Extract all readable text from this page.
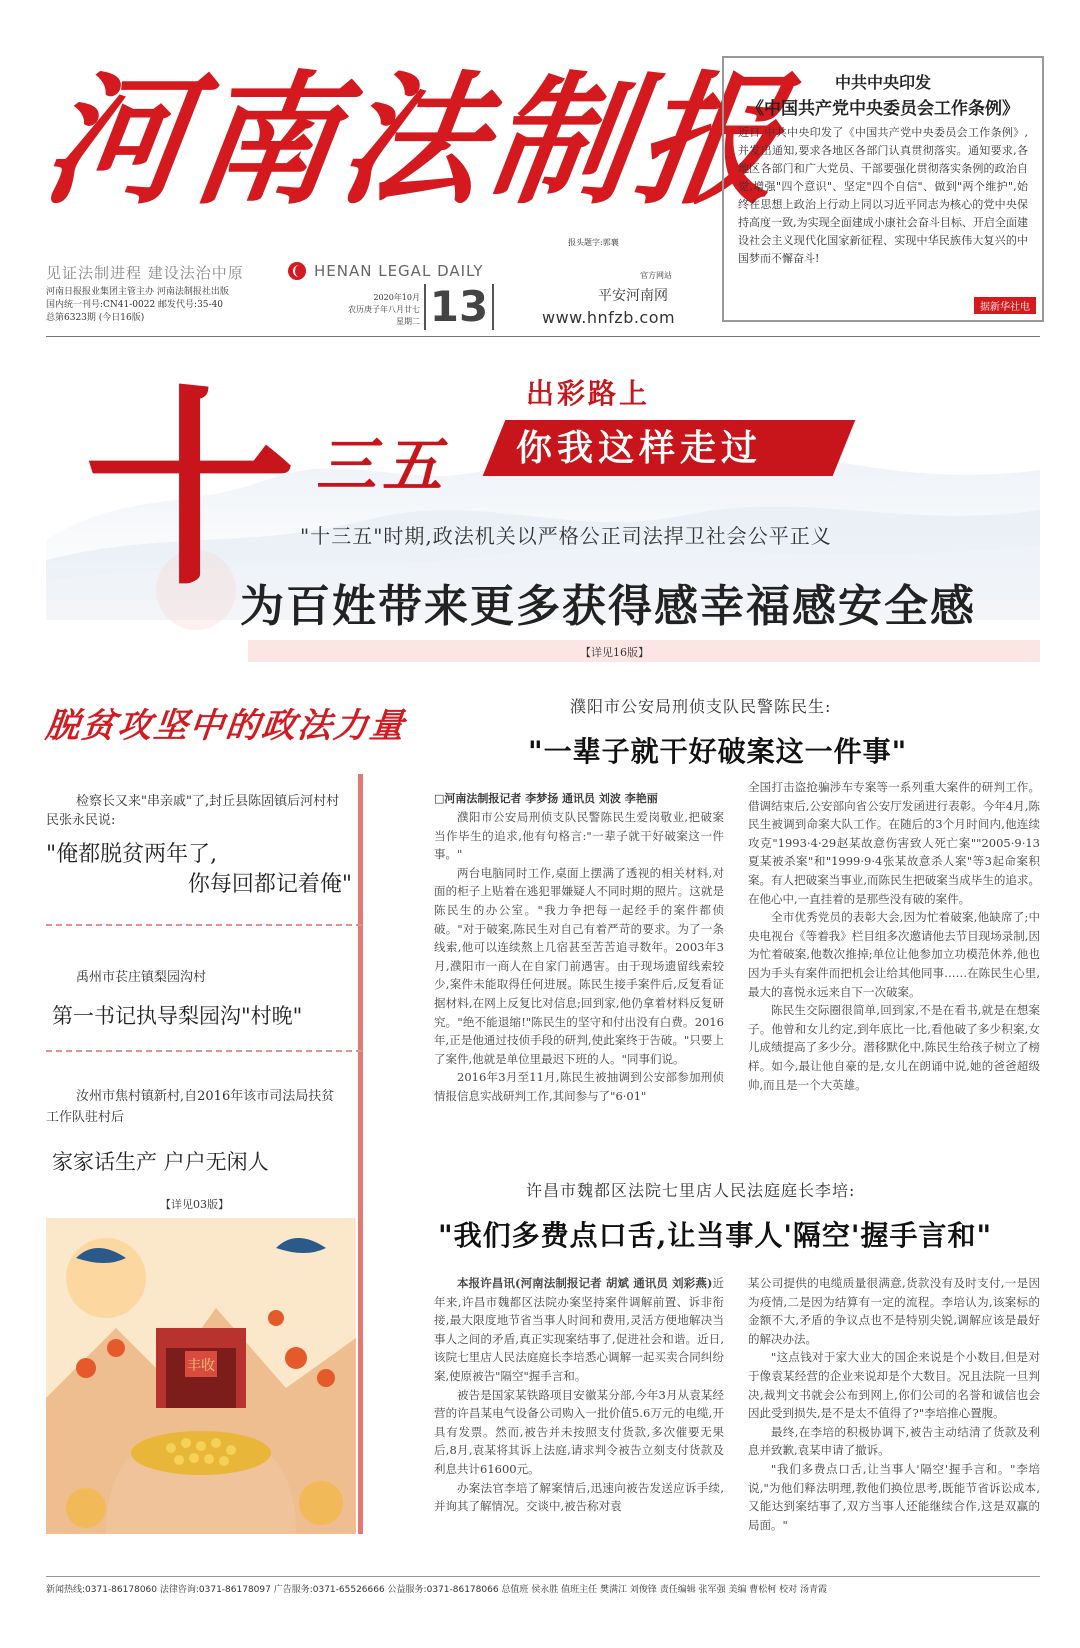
河南法制报
见证法制进程 建设法治中原
河南日报报业集团主管主办 河南法制报社出版
国内统一刊号:CN41-0022 邮发代号:35-40
总第6323期 (今日16版)
HENAN LEGAL DAILY
2020年10月
农历庚子年八月廿七
星期二 13
报头题字:郭襄
官方网站
平安河南网
www.hnfzb.com
中共中央印发
《中国共产党中央委员会工作条例》
近日,中共中央印发了《中国共产党中央委员会工作条例》,并发出通知,要求各地区各部门认真贯彻落实。通知要求,各地区各部门和广大党员、干部要强化贯彻落实条例的政治自觉,增强"四个意识"、坚定"四个自信"、做到"两个维护",始终在思想上政治上行动上同以习近平同志为核心的党中央保持高度一致,为实现全面建成小康社会奋斗目标、开启全面建设社会主义现代化国家新征程、实现中华民族伟大复兴的中国梦而不懈奋斗!
据新华社电
十 三五
出彩路上
你我这样走过
"十三五"时期,政法机关以严格公正司法捍卫社会公平正义
为百姓带来更多获得感幸福感安全感
【详见16版】
脱贫攻坚中的政法力量
检察长又来"串亲戚"了,封丘县陈固镇后河村村民张永民说:
"俺都脱贫两年了,
你每回都记着俺"
禹州市苌庄镇梨园沟村
第一书记执导梨园沟"村晚"
汝州市焦村镇新村,自2016年该市司法局扶贫工作队驻村后
家家话生产 户户无闲人
【详见03版】
丰收
濮阳市公安局刑侦支队民警陈民生:
"一辈子就干好破案这一件事"
□河南法制报记者 李梦扬 通讯员 刘波 李艳丽

濮阳市公安局刑侦支队民警陈民生爱岗敬业,把破案当作毕生的追求,他有句格言:"一辈子就干好破案这一件事。"

两台电脑同时工作,桌面上摆满了透视的相关材料,对面的柜子上贴着在逃犯罪嫌疑人不同时期的照片。这就是陈民生的办公室。"我力争把每一起经手的案件都侦破。"对于破案,陈民生对自己有着严苛的要求。为了一条线索,他可以连续熬上几宿甚至苦苦追寻数年。2003年3月,濮阳市一商人在自家门前遇害。由于现场遗留线索较少,案件未能取得任何进展。陈民生接手案件后,反复看证据材料,在网上反复比对信息;回到家,他仍拿着材料反复研究。"绝不能退缩!"陈民生的坚守和付出没有白费。2016年,正是他通过技侦手段的研判,使此案终于告破。"只要上了案件,他就是单位里最迟下班的人。"同事们说。

2016年3月至11月,陈民生被抽调到公安部参加刑侦情报信息实战研判工作,其间参与了"6·01"

全国打击盗抢骗涉车专案等一系列重大案件的研判工作。借调结束后,公安部向省公安厅发函进行表彰。今年4月,陈民生被调到命案大队工作。在随后的3个月时间内,他连续攻克"1993·4·29赵某故意伤害致人死亡案""2005·9·13夏某被杀案"和"1999·9·4张某故意杀人案"等3起命案积案。有人把破案当事业,而陈民生把破案当成毕生的追求。在他心中,一直挂着的是那些没有破的案件。

全市优秀党员的表彰大会,因为忙着破案,他缺席了;中央电视台《等着我》栏目组多次邀请他去节目现场录制,因为忙着破案,他数次推掉;单位让他参加立功模范休养,他也因为手头有案件而把机会让给其他同事……在陈民生心里,最大的喜悦永远来自下一次破案。

陈民生交际圈很简单,回到家,不是在看书,就是在想案子。他曾和女儿约定,到年底比一比,看他破了多少积案,女儿成绩提高了多少分。潜移默化中,陈民生给孩子树立了榜样。如今,最让他自豪的是,女儿在朗诵中说,她的爸爸超级帅,而且是一个大英雄。

许昌市魏都区法院七里店人民法庭庭长李培:
"我们多费点口舌,让当事人'隔空'握手言和"

本报许昌讯(河南法制报记者 胡斌 通讯员 刘彩燕)近年来,许昌市魏都区法院办案坚持案件调解前置、诉非衔接,最大限度地节省当事人时间和费用,灵活方便地解决当事人之间的矛盾,真正实现案结事了,促进社会和谐。近日,该院七里店人民法庭庭长李培悉心调解一起买卖合同纠纷案,使原被告"隔空"握手言和。

被告是国家某铁路项目安徽某分部,今年3月从袁某经营的许昌某电气设备公司购入一批价值5.6万元的电缆,开具有发票。然而,被告并未按照支付货款,多次催要无果后,8月,袁某将其诉上法庭,请求判令被告立刻支付货款及利息共计61600元。

办案法官李培了解案情后,迅速向被告发送应诉手续,并询其了解情况。交谈中,被告称对袁

某公司提供的电缆质量很满意,货款没有及时支付,一是因为疫情,二是因为结算有一定的流程。李培认为,该案标的金额不大,矛盾的争议点也不是特别尖锐,调解应该是最好的解决办法。

"这点钱对于家大业大的国企来说是个小数目,但是对于像袁某经营的企业来说却是个大数目。况且法院一旦判决,裁判文书就会公布到网上,你们公司的名誉和诚信也会因此受到损失,是不是太不值得了?"李培推心置腹。

最终,在李培的积极协调下,被告主动结清了货款及利息并致歉,袁某申请了撤诉。

"我们多费点口舌,让当事人'隔空'握手言和。"李培说,"为他们释法明理,教他们换位思考,既能节省诉讼成本,又能达到案结事了,双方当事人还能继续合作,这是双赢的局面。"

新闻热线:0371-86178060 法律咨询:0371-86178097 广告服务:0371-65526666 公益服务:0371-86178066 总值班 侯永胜 值班主任 樊满江 刘俊锋 责任编辑 张军强 美编 曹松柯 校对 汤青霞
